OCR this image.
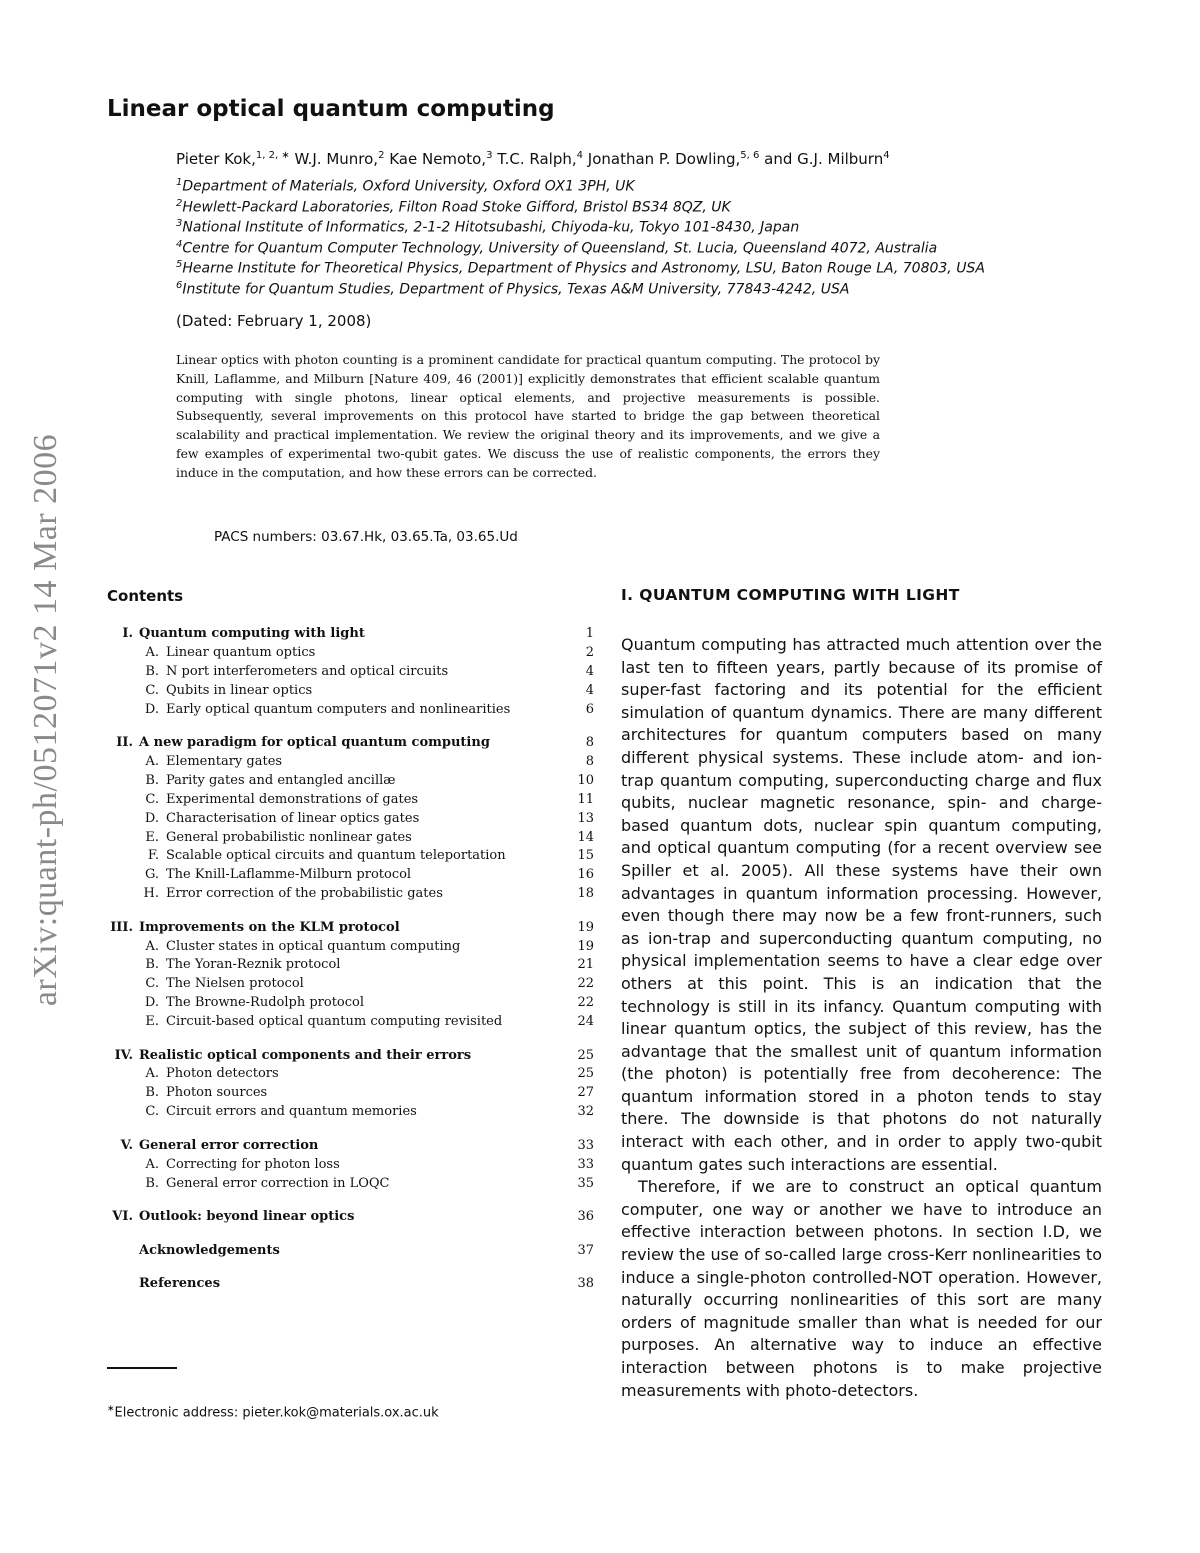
arXiv:quant-ph/0512071v2 14 Mar 2006
Linear optical quantum computing
Pieter Kok,$^{1, 2, ∗}$ W.J. Munro,$^2$ Kae Nemoto,$^3$ T.C. Ralph,$^4$ Jonathan P. Dowling,$^{5, 6}$ and G.J. Milburn$^4$
$^1$Department of Materials, Oxford University, Oxford OX1 3PH, UK
$^2$Hewlett-Packard Laboratories, Filton Road Stoke Gifford, Bristol BS34 8QZ, UK
$^3$National Institute of Informatics, 2-1-2 Hitotsubashi, Chiyoda-ku, Tokyo 101-8430, Japan
$^4$Centre for Quantum Computer Technology, University of Queensland, St. Lucia, Queensland 4072, Australia
$^5$Hearne Institute for Theoretical Physics, Department of Physics and Astronomy, LSU, Baton Rouge LA, 70803, USA
$^6$Institute for Quantum Studies, Department of Physics, Texas A&M University, 77843-4242, USA
(Dated: February 1, 2008)
Linear optics with photon counting is a prominent candidate for practical quantum computing. The protocol by Knill, Laflamme, and Milburn [Nature 409, 46 (2001)] explicitly demonstrates that efficient scalable quantum computing with single photons, linear optical elements, and projective measurements is possible. Subsequently, several improvements on this protocol have started to bridge the gap between theoretical scalability and practical implementation. We review the original theory and its improvements, and we give a few examples of experimental two-qubit gates. We discuss the use of realistic components, the errors they induce in the computation, and how these errors can be corrected.
PACS numbers: 03.67.Hk, 03.65.Ta, 03.65.Ud
Contents
I. Quantum computing with light	1
A. Linear quantum optics	2
B. N port interferometers and optical circuits	4
C. Qubits in linear optics	4
D. Early optical quantum computers and nonlinearities	6
II. A new paradigm for optical quantum computing	8
A. Elementary gates	8
B. Parity gates and entangled ancillæ	10
C. Experimental demonstrations of gates	11
D. Characterisation of linear optics gates	13
E. General probabilistic nonlinear gates	14
F. Scalable optical circuits and quantum teleportation	15
G. The Knill-Laflamme-Milburn protocol	16
H. Error correction of the probabilistic gates	18
III. Improvements on the KLM protocol	19
A. Cluster states in optical quantum computing	19
B. The Yoran-Reznik protocol	21
C. The Nielsen protocol	22
D. The Browne-Rudolph protocol	22
E. Circuit-based optical quantum computing revisited	24
IV. Realistic optical components and their errors	25
A. Photon detectors	25
B. Photon sources	27
C. Circuit errors and quantum memories	32
V. General error correction	33
A. Correcting for photon loss	33
B. General error correction in LOQC	35
VI. Outlook: beyond linear optics	36
Acknowledgements	37
References	38
∗Electronic address: pieter.kok@materials.ox.ac.uk
I. QUANTUM COMPUTING WITH LIGHT

Quantum computing has attracted much attention over the last ten to fifteen years, partly because of its promise of super-fast factoring and its potential for the efficient simulation of quantum dynamics. There are many different architectures for quantum computers based on many different physical systems. These include atom- and ion-trap quantum computing, superconducting charge and flux qubits, nuclear magnetic resonance, spin- and charge-based quantum dots, nuclear spin quantum computing, and optical quantum computing (for a recent overview see Spiller et al. 2005). All these systems have their own advantages in quantum information processing. However, even though there may now be a few front-runners, such as ion-trap and superconducting quantum computing, no physical implementation seems to have a clear edge over others at this point. This is an indication that the technology is still in its infancy. Quantum computing with linear quantum optics, the subject of this review, has the advantage that the smallest unit of quantum information (the photon) is potentially free from decoherence: The quantum information stored in a photon tends to stay there. The downside is that photons do not naturally interact with each other, and in order to apply two-qubit quantum gates such interactions are essential.

Therefore, if we are to construct an optical quantum computer, one way or another we have to introduce an effective interaction between photons. In section I.D, we review the use of so-called large cross-Kerr nonlinearities to induce a single-photon controlled-NOT operation. However, naturally occurring nonlinearities of this sort are many orders of magnitude smaller than what is needed for our purposes. An alternative way to induce an effective interaction between photons is to make projective measurements with photo-detectors.
